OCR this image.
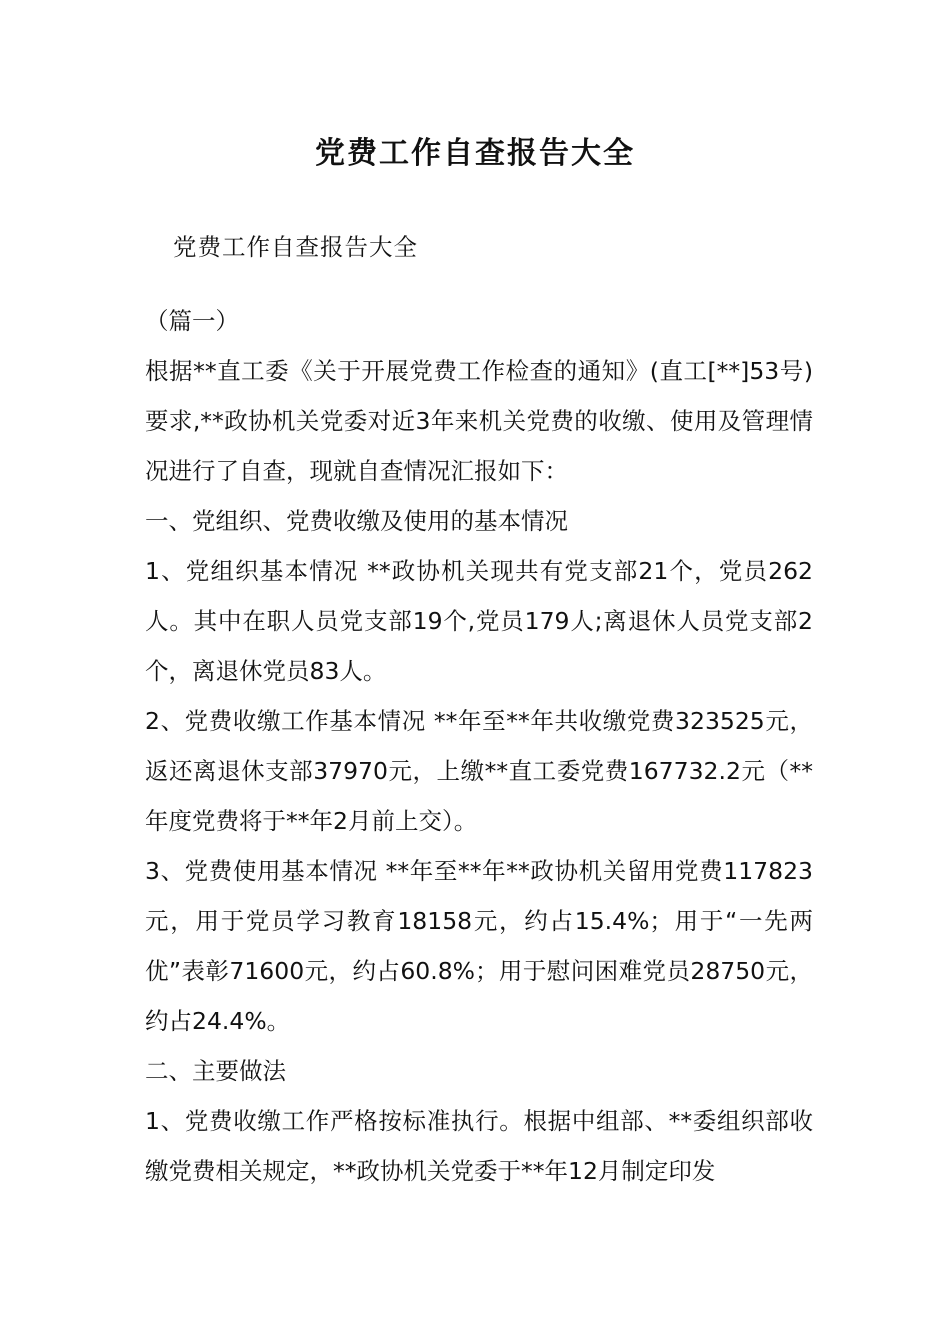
党费工作自查报告大全

党费工作自查报告大全

（篇一）

根据**直工委《关于开展党费工作检查的通知》(直工[**]53号)要求,**政协机关党委对近3年来机关党费的收缴、使用及管理情况进行了自查，现就自查情况汇报如下：

一、党组织、党费收缴及使用的基本情况

1、党组织基本情况 **政协机关现共有党支部21个，党员262人。其中在职人员党支部19个,党员179人;离退休人员党支部2个，离退休党员83人。

2、党费收缴工作基本情况 **年至**年共收缴党费323525元，返还离退休支部37970元，上缴**直工委党费167732.2元（**年度党费将于**年2月前上交）。

3、党费使用基本情况 **年至**年**政协机关留用党费117823元，用于党员学习教育18158元，约占15.4%；用于“一先两优”表彰71600元，约占60.8%；用于慰问困难党员28750元，约占24.4%。

二、主要做法

1、党费收缴工作严格按标准执行。根据中组部、**委组织部收缴党费相关规定，**政协机关党委于**年12月制定印发
